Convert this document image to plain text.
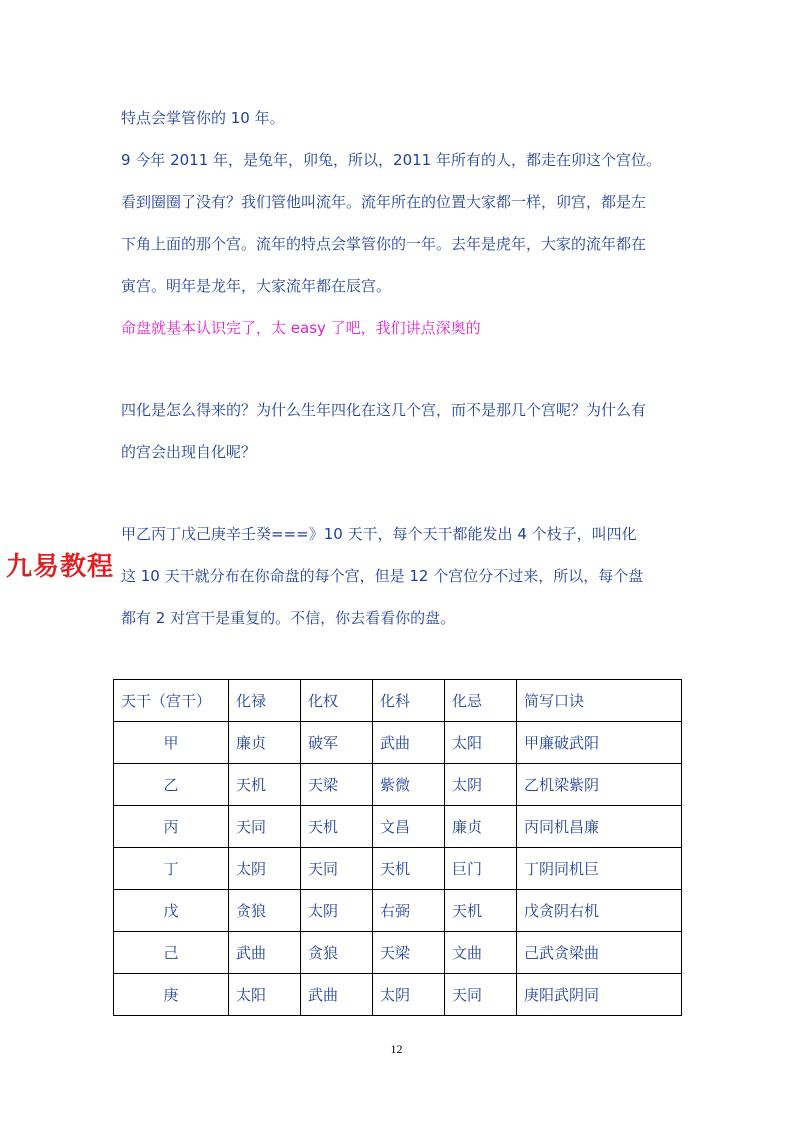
特点会掌管你的 10 年。
9 今年 2011 年，是兔年，卯兔，所以，2011 年所有的人，都走在卯这个宫位。
看到圈圈了没有？我们管他叫流年。流年所在的位置大家都一样，卯宫，都是左
下角上面的那个宫。流年的特点会掌管你的一年。去年是虎年，大家的流年都在
寅宫。明年是龙年，大家流年都在辰宫。
命盘就基本认识完了，太 easy 了吧，我们讲点深奥的
四化是怎么得来的？为什么生年四化在这几个宫，而不是那几个宫呢？为什么有
的宫会出现自化呢？
甲乙丙丁戊己庚辛壬癸===》10 天干，每个天干都能发出 4 个枝子，叫四化
这 10 天干就分布在你命盘的每个宫，但是 12 个宫位分不过来，所以，每个盘
都有 2 对宫干是重复的。不信，你去看看你的盘。
九易教程
天干（宫干）	化禄	化权	化科	化忌	简写口诀
甲	廉贞	破军	武曲	太阳	甲廉破武阳
乙	天机	天梁	紫微	太阴	乙机梁紫阴
丙	天同	天机	文昌	廉贞	丙同机昌廉
丁	太阴	天同	天机	巨门	丁阴同机巨
戊	贪狼	太阴	右弼	天机	戊贪阴右机
己	武曲	贪狼	天梁	文曲	己武贪梁曲
庚	太阳	武曲	太阴	天同	庚阳武阴同
12
